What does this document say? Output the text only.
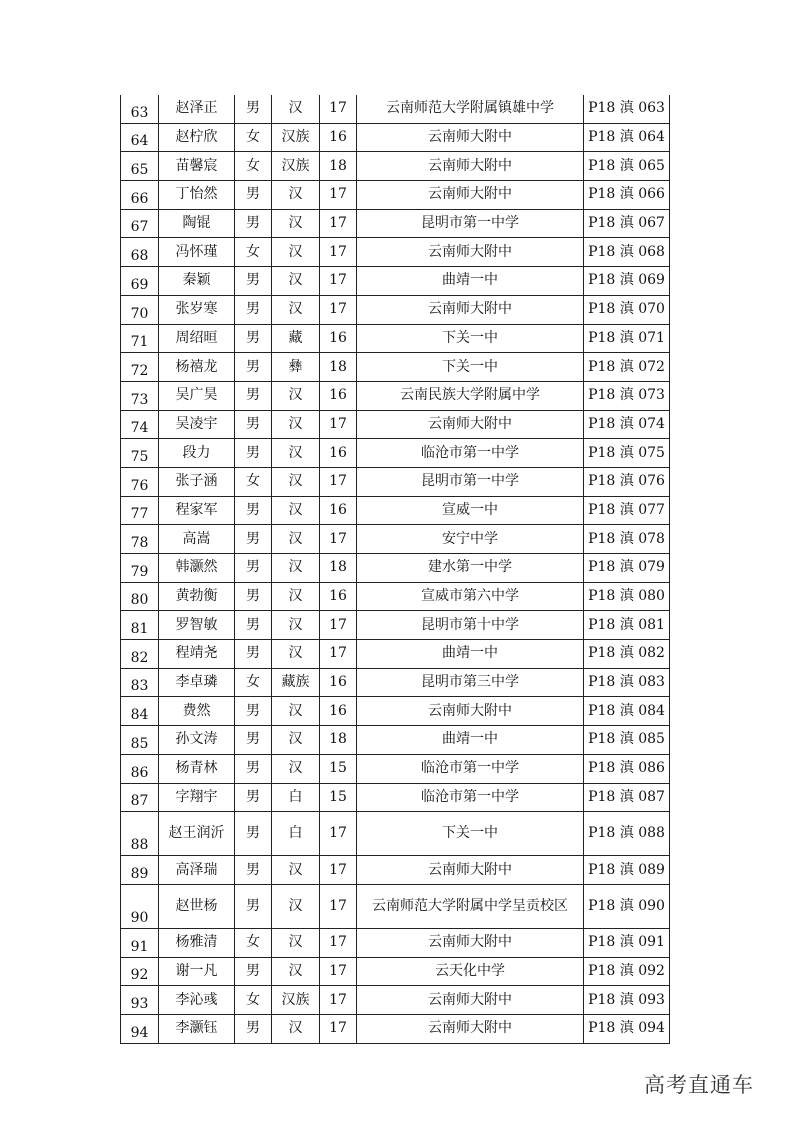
63	赵泽正	男	汉	17	云南师范大学附属镇雄中学	P18 滇 063
64	赵柠欣	女	汉族	16	云南师大附中	P18 滇 064
65	苗馨宸	女	汉族	18	云南师大附中	P18 滇 065
66	丁怡然	男	汉	17	云南师大附中	P18 滇 066
67	陶锟	男	汉	17	昆明市第一中学	P18 滇 067
68	冯怀瑾	女	汉	17	云南师大附中	P18 滇 068
69	秦颖	男	汉	17	曲靖一中	P18 滇 069
70	张岁寒	男	汉	17	云南师大附中	P18 滇 070
71	周绍晅	男	藏	16	下关一中	P18 滇 071
72	杨禧龙	男	彝	18	下关一中	P18 滇 072
73	吴广昊	男	汉	16	云南民族大学附属中学	P18 滇 073
74	吴凌宇	男	汉	17	云南师大附中	P18 滇 074
75	段力	男	汉	16	临沧市第一中学	P18 滇 075
76	张子涵	女	汉	17	昆明市第一中学	P18 滇 076
77	程家军	男	汉	16	宣威一中	P18 滇 077
78	高嵩	男	汉	17	安宁中学	P18 滇 078
79	韩灏然	男	汉	18	建水第一中学	P18 滇 079
80	黄勃衡	男	汉	16	宣威市第六中学	P18 滇 080
81	罗智敏	男	汉	17	昆明市第十中学	P18 滇 081
82	程靖尧	男	汉	17	曲靖一中	P18 滇 082
83	李卓璘	女	藏族	16	昆明市第三中学	P18 滇 083
84	费然	男	汉	16	云南师大附中	P18 滇 084
85	孙文涛	男	汉	18	曲靖一中	P18 滇 085
86	杨青林	男	汉	15	临沧市第一中学	P18 滇 086
87	字翔宇	男	白	15	临沧市第一中学	P18 滇 087
88	赵王润沂	男	白	17	下关一中	P18 滇 088
89	高泽瑞	男	汉	17	云南师大附中	P18 滇 089
90	赵世杨	男	汉	17	云南师范大学附属中学呈贡校区	P18 滇 090
91	杨雅清	女	汉	17	云南师大附中	P18 滇 091
92	谢一凡	男	汉	17	云天化中学	P18 滇 092
93	李沁彧	女	汉族	17	云南师大附中	P18 滇 093
94	李灏钰	男	汉	17	云南师大附中	P18 滇 094
高考直通车
